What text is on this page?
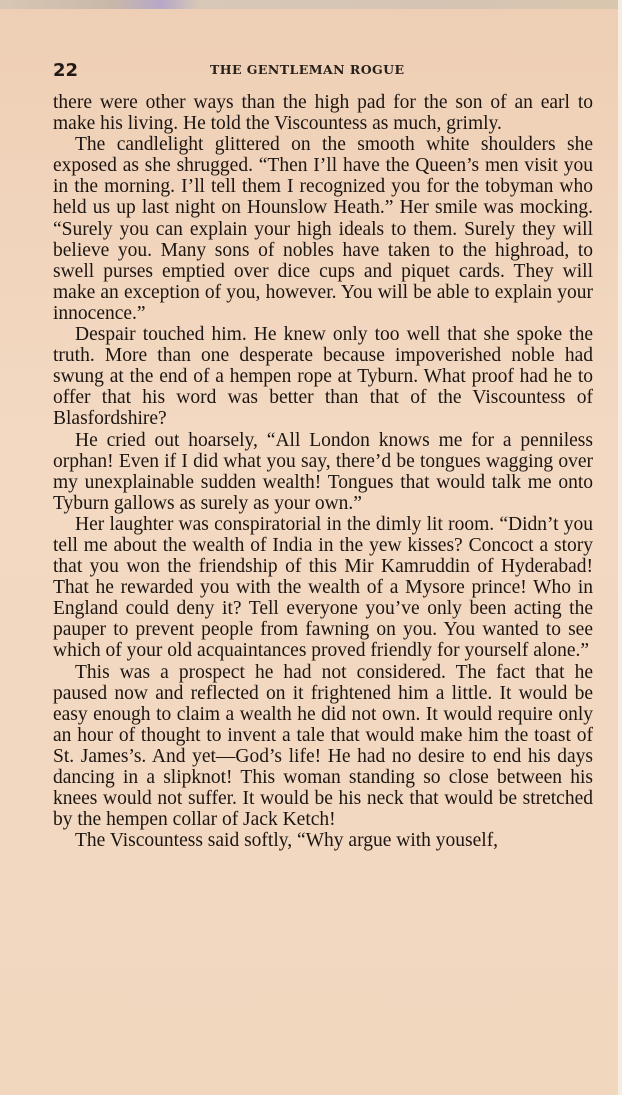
22	THE GENTLEMAN ROGUE

there were other ways than the high pad for the son of an earl to make his living. He told the Viscountess as much, grimly.

The candlelight glittered on the smooth white shoulders she exposed as she shrugged. “Then I’ll have the Queen’s men visit you in the morning. I’ll tell them I recognized you for the tobyman who held us up last night on Hounslow Heath.” Her smile was mocking. “Surely you can explain your high ideals to them. Surely they will believe you. Many sons of nobles have taken to the highroad, to swell purses emptied over dice cups and piquet cards. They will make an exception of you, however. You will be able to explain your innocence.”

Despair touched him. He knew only too well that she spoke the truth. More than one desperate because impoverished noble had swung at the end of a hempen rope at Tyburn. What proof had he to offer that his word was better than that of the Viscountess of Blasfordshire?

He cried out hoarsely, “All London knows me for a penniless orphan! Even if I did what you say, there’d be tongues wagging over my unexplainable sudden wealth! Tongues that would talk me onto Tyburn gallows as surely as your own.”

Her laughter was conspiratorial in the dimly lit room. “Didn’t you tell me about the wealth of India in the yew kisses? Concoct a story that you won the friendship of this Mir Kamruddin of Hyderabad! That he rewarded you with the wealth of a Mysore prince! Who in England could deny it? Tell everyone you’ve only been acting the pauper to prevent people from fawning on you. You wanted to see which of your old acquaintances proved friendly for yourself alone.”

This was a prospect he had not considered. The fact that he paused now and reflected on it frightened him a little. It would be easy enough to claim a wealth he did not own. It would require only an hour of thought to invent a tale that would make him the toast of St. James’s. And yet—God’s life! He had no desire to end his days dancing in a slipknot! This woman standing so close between his knees would not suffer. It would be his neck that would be stretched by the hempen collar of Jack Ketch!

The Viscountess said softly, “Why argue with youself,
